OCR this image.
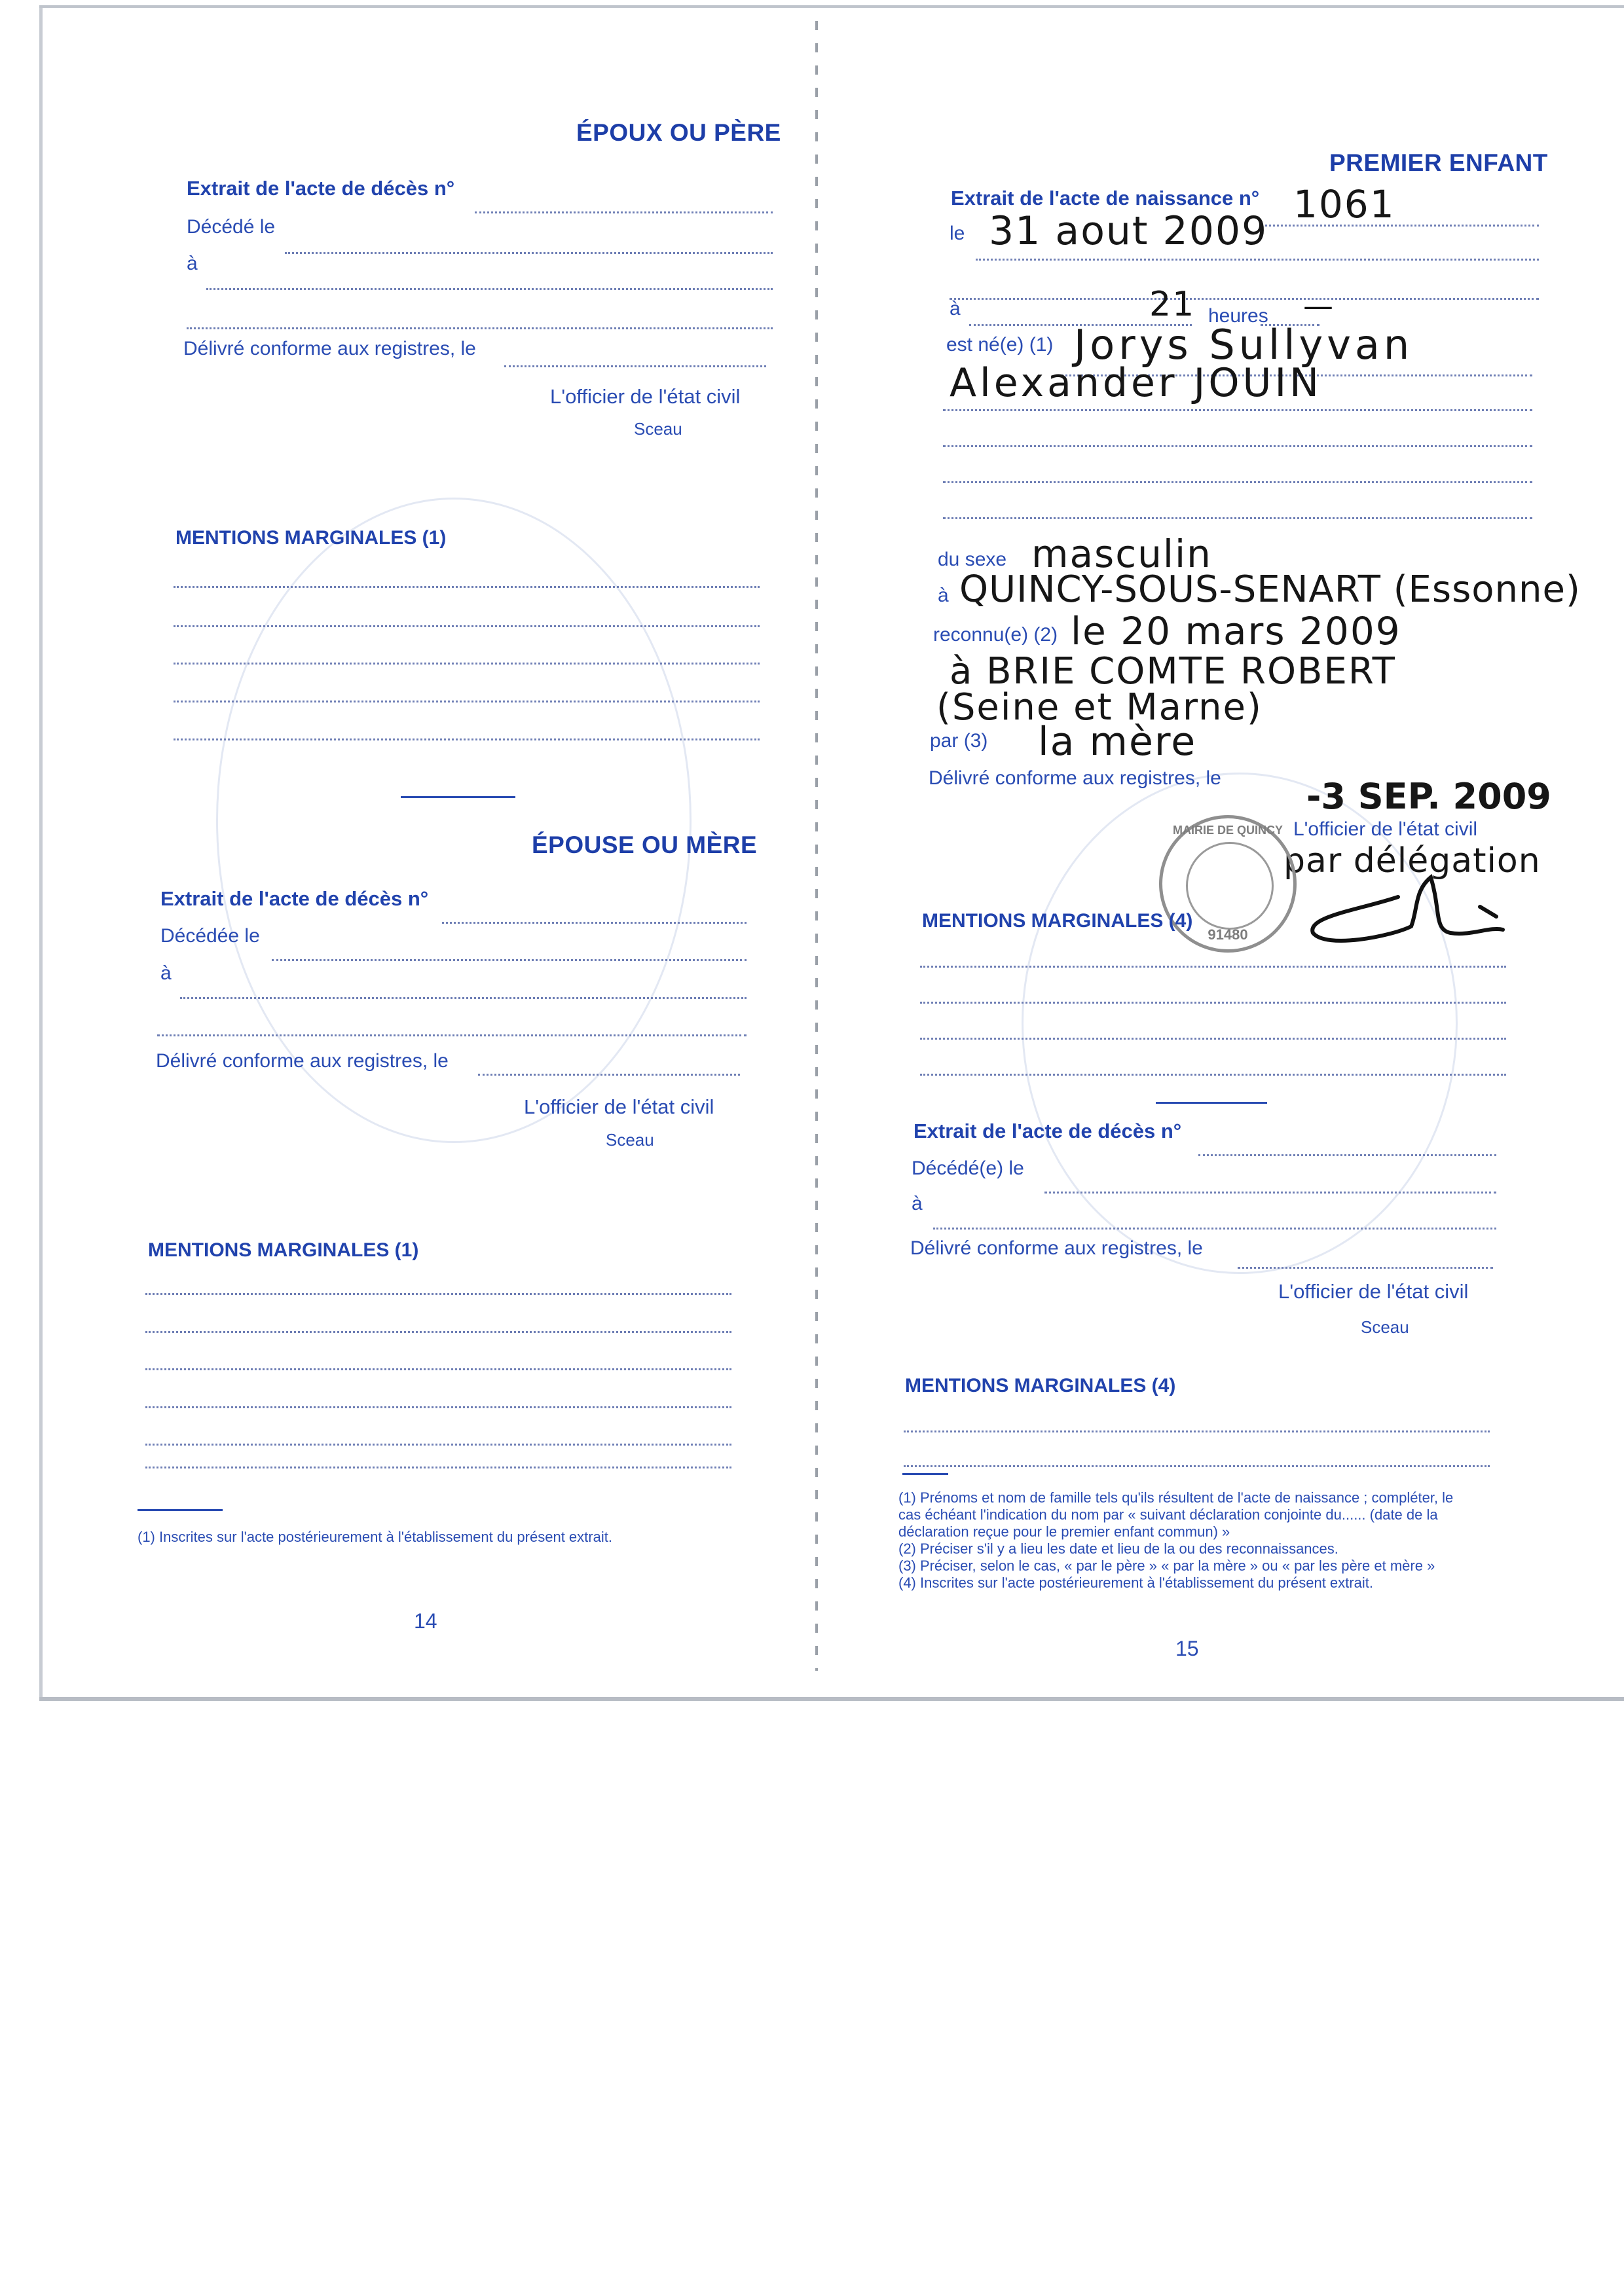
ÉPOUX OU PÈRE
Extrait de l'acte de décès n°
Décédé le
à
Délivré conforme aux registres, le
L'officier de l'état civil
Sceau
MENTIONS MARGINALES (1)
ÉPOUSE OU MÈRE
Extrait de l'acte de décès n°
Décédée le
à
Délivré conforme aux registres, le
L'officier de l'état civil
Sceau
MENTIONS MARGINALES (1)
(1) Inscrites sur l'acte postérieurement à l'établissement du présent extrait.
14
PREMIER ENFANT
Extrait de l'acte de naissance n° 1061
le 31 aout 2009
à	21 heures —
est né(e) (1) Jorys Sullyvan
Alexander JOUIN
du sexe masculin
à QUINCY-SOUS-SENART (Essonne)
reconnu(e) (2) le 20 mars 2009
à BRIE COMTE ROBERT
(Seine et Marne)
par (3) la mère
Délivré conforme aux registres, le -3 SEP. 2009
L'officier de l'état civil
par délégation
MAIRIE DE QUINCY
91480
MENTIONS MARGINALES (4)
Extrait de l'acte de décès n°
Décédé(e) le
à
Délivré conforme aux registres, le
L'officier de l'état civil
Sceau
MENTIONS MARGINALES (4)
(1) Prénoms et nom de famille tels qu'ils résultent de l'acte de naissance ; compléter, le
cas échéant l'indication du nom par « suivant déclaration conjointe du...... (date de la
déclaration reçue pour le premier enfant commun) »
(2) Préciser s'il y a lieu les date et lieu de la ou des reconnaissances.
(3) Préciser, selon le cas, « par le père » « par la mère » ou « par les père et mère »
(4) Inscrites sur l'acte postérieurement à l'établissement du présent extrait.
15
